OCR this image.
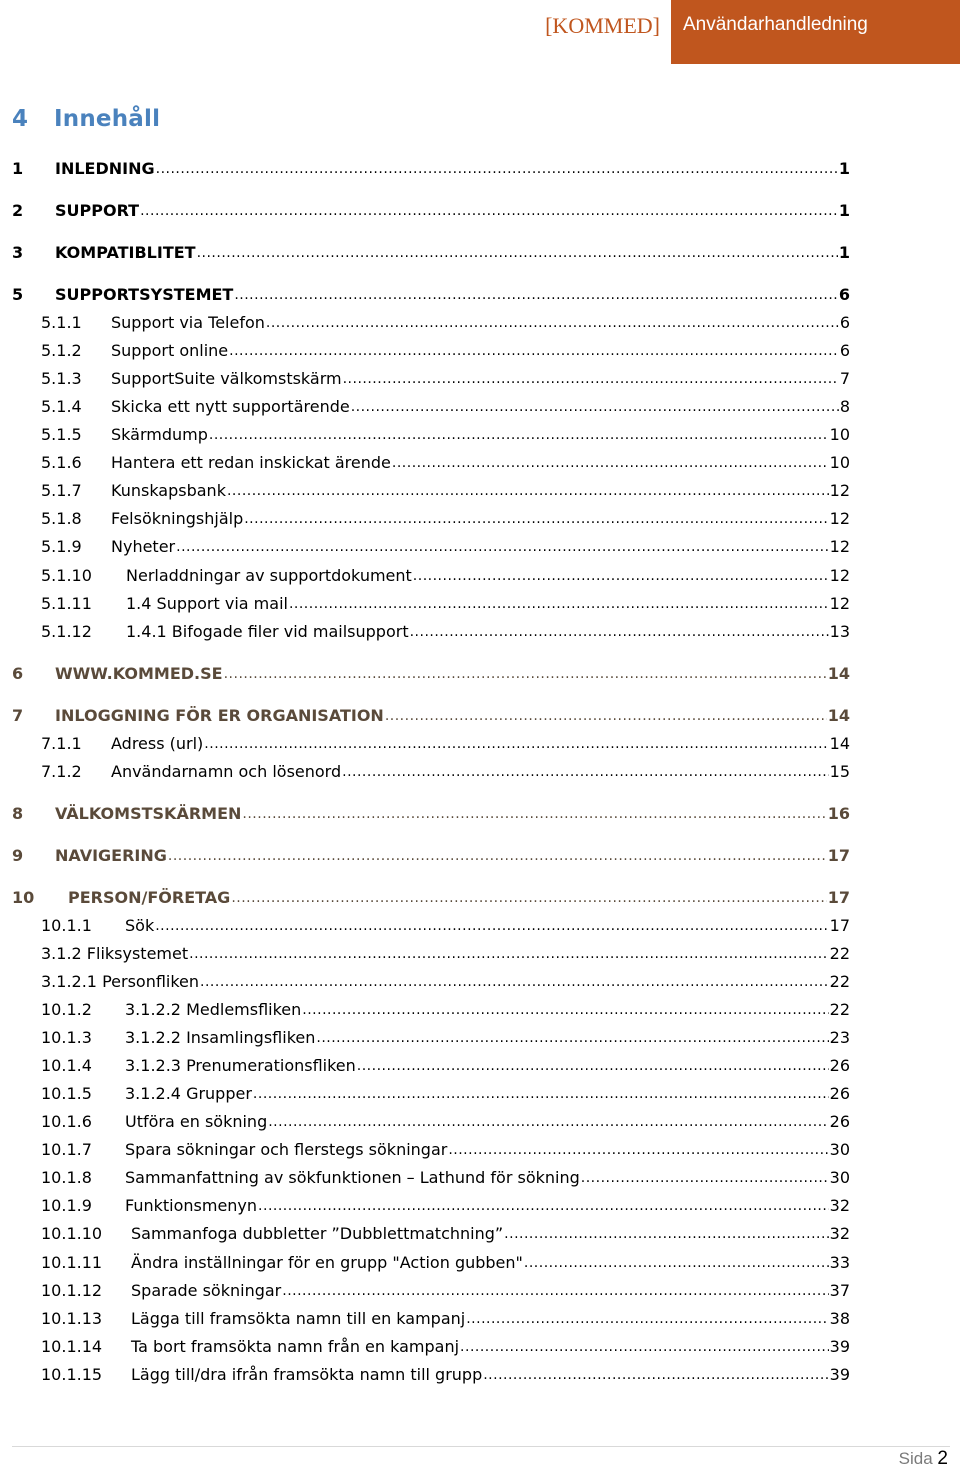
[KOMMED]	Användarhandledning
4 Innehåll
1	INLEDNING .....	1
2	SUPPORT .....	1
3	KOMPATIBLITET .....	1
5	SUPPORTSYSTEMET .....	6
5.1.1	Support via Telefon .....	6
5.1.2	Support online .....	6
5.1.3	SupportSuite välkomstskärm .....	7
5.1.4	Skicka ett nytt supportärende .....	8
5.1.5	Skärmdump .....	10
5.1.6	Hantera ett redan inskickat ärende .....	10
5.1.7	Kunskapsbank .....	12
5.1.8	Felsökningshjälp .....	12
5.1.9	Nyheter .....	12
5.1.10	Nerladdningar av supportdokument .....	12
5.1.11	1.4 Support via mail .....	12
5.1.12	1.4.1 Bifogade filer vid mailsupport .....	13
6	WWW.KOMMED.SE .....	14
7	INLOGGNING FÖR ER ORGANISATION .....	14
7.1.1	Adress (url) .....	14
7.1.2	Användarnamn och lösenord .....	15
8	VÄLKOMSTSKÄRMEN .....	16
9	NAVIGERING .....	17
10	PERSON/FÖRETAG .....	17
10.1.1	Sök .....	17
3.1.2 Fliksystemet .....	22
3.1.2.1 Personfliken .....	22
10.1.2	3.1.2.2 Medlemsfliken .....	22
10.1.3	3.1.2.2 Insamlingsfliken .....	23
10.1.4	3.1.2.3 Prenumerationsfliken .....	26
10.1.5	3.1.2.4 Grupper .....	26
10.1.6	Utföra en sökning .....	26
10.1.7	Spara sökningar och flerstegs sökningar .....	30
10.1.8	Sammanfattning av sökfunktionen – Lathund för sökning .....	30
10.1.9	Funktionsmenyn .....	32
10.1.10	Sammanfoga dubbletter ”Dubblettmatchning” .....	32
10.1.11	Ändra inställningar för en grupp "Action gubben" .....	33
10.1.12	Sparade sökningar .....	37
10.1.13	Lägga till framsökta namn till en kampanj .....	38
10.1.14	Ta bort framsökta namn från en kampanj .....	39
10.1.15	Lägg till/dra ifrån framsökta namn till grupp .....	39
Sida 2
